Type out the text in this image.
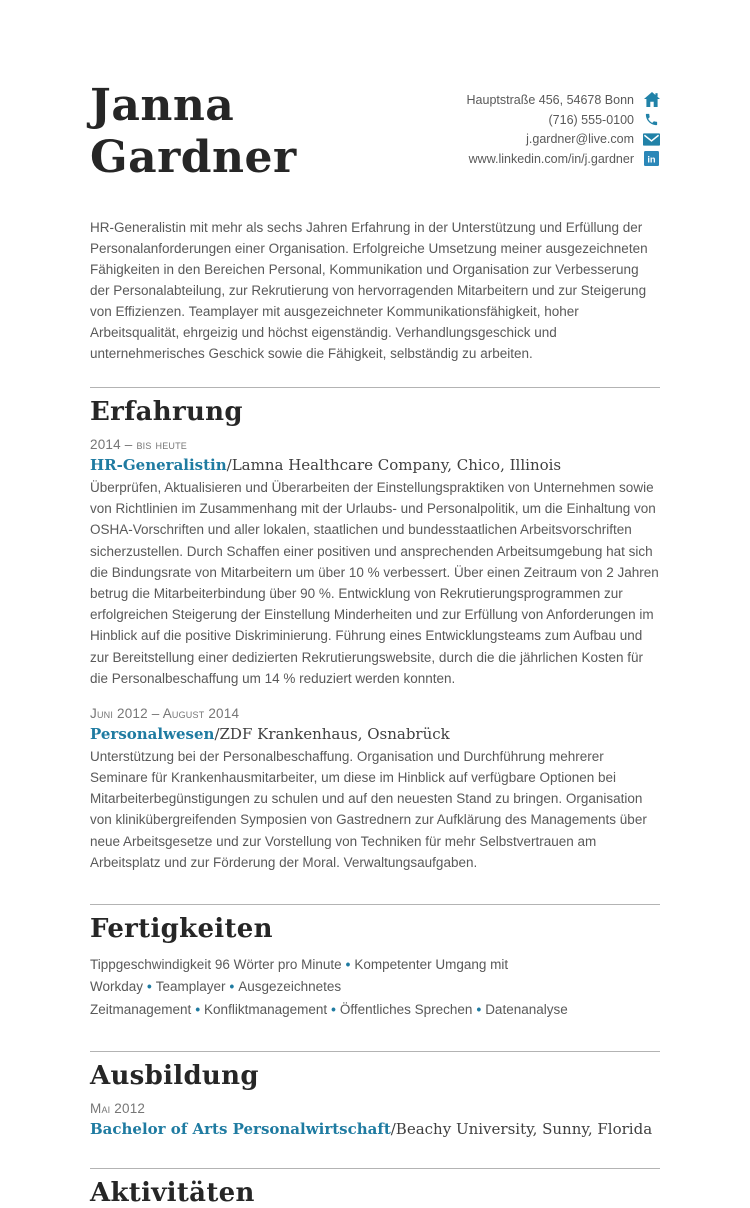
Janna
Gardner
Hauptstraße 456, 54678 Bonn
(716) 555-0100
j.gardner@live.com
www.linkedin.com/in/j.gardner in

HR-Generalistin mit mehr als sechs Jahren Erfahrung in der Unterstützung und Erfüllung der Personalanforderungen einer Organisation. Erfolgreiche Umsetzung meiner ausgezeichneten Fähigkeiten in den Bereichen Personal, Kommunikation und Organisation zur Verbesserung der Personalabteilung, zur Rekrutierung von hervorragenden Mitarbeitern und zur Steigerung von Effizienzen. Teamplayer mit ausgezeichneter Kommunikationsfähigkeit, hoher Arbeitsqualität, ehrgeizig und höchst eigenständig. Verhandlungsgeschick und unternehmerisches Geschick sowie die Fähigkeit, selbständig zu arbeiten.

Erfahrung
2014 – bis heute
HR-Generalistin/Lamna Healthcare Company, Chico, Illinois

Überprüfen, Aktualisieren und Überarbeiten der Einstellungspraktiken von Unternehmen sowie von Richtlinien im Zusammenhang mit der Urlaubs- und Personalpolitik, um die Einhaltung von OSHA-Vorschriften und aller lokalen, staatlichen und bundesstaatlichen Arbeitsvorschriften sicherzustellen. Durch Schaffen einer positiven und ansprechenden Arbeitsumgebung hat sich die Bindungsrate von Mitarbeitern um über 10 % verbessert. Über einen Zeitraum von 2 Jahren betrug die Mitarbeiterbindung über 90 %. Entwicklung von Rekrutierungsprogrammen zur erfolgreichen Steigerung der Einstellung Minderheiten und zur Erfüllung von Anforderungen im Hinblick auf die positive Diskriminierung. Führung eines Entwicklungsteams zum Aufbau und zur Bereitstellung einer dedizierten Rekrutierungswebsite, durch die die jährlichen Kosten für die Personalbeschaffung um 14 % reduziert werden konnten.

Juni 2012 – August 2014
Personalwesen/ZDF Krankenhaus, Osnabrück

Unterstützung bei der Personalbeschaffung. Organisation und Durchführung mehrerer Seminare für Krankenhausmitarbeiter, um diese im Hinblick auf verfügbare Optionen bei Mitarbeiterbegünstigungen zu schulen und auf den neuesten Stand zu bringen. Organisation von klinikübergreifenden Symposien von Gastrednern zur Aufklärung des Managements über neue Arbeitsgesetze und zur Vorstellung von Techniken für mehr Selbstvertrauen am Arbeitsplatz und zur Förderung der Moral. Verwaltungsaufgaben.

Fertigkeiten

Tippgeschwindigkeit 96 Wörter pro Minute • Kompetenter Umgang mit Workday • Teamplayer • Ausgezeichnetes Zeitmanagement • Konfliktmanagement • Öffentliches Sprechen • Datenanalyse

Ausbildung
Mai 2012
Bachelor of Arts Personalwirtschaft/Beachy University, Sunny, Florida
Aktivitäten
